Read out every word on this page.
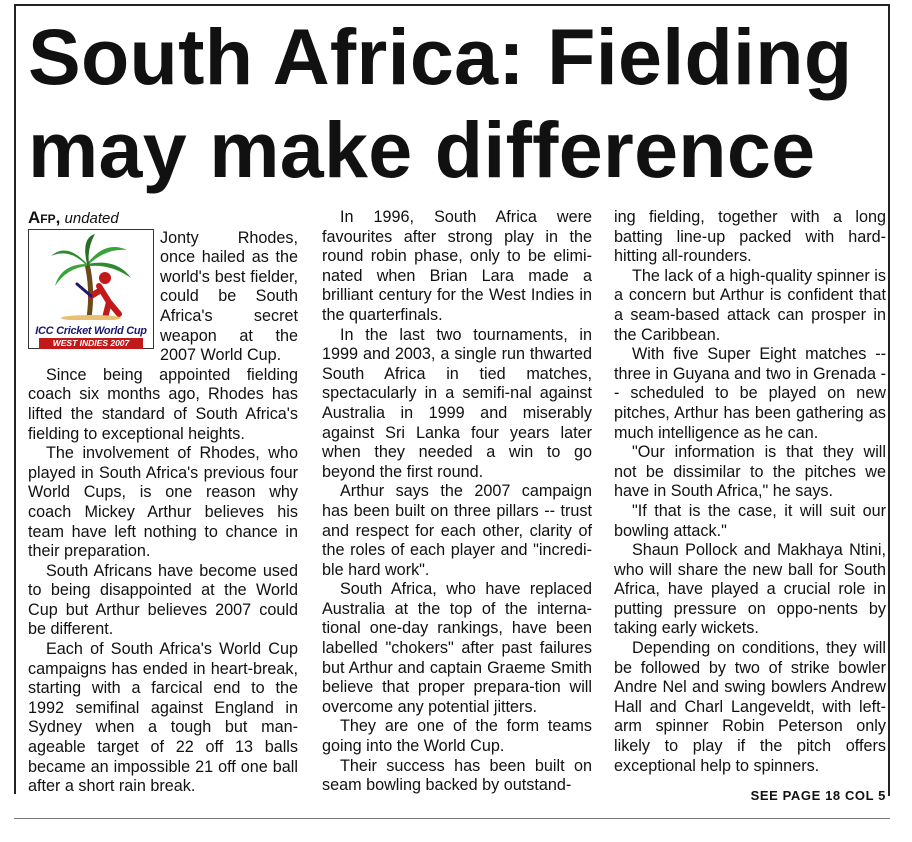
South Africa: Fielding
may make difference

Afp, undated

ICC Cricket World Cup
WEST INDIES 2007

Jonty Rhodes, once hailed as the world's best fielder, could be South Africa's secret weapon at the 2007 World Cup.

Since being appointed fielding coach six months ago, Rhodes has lifted the standard of South Africa's fielding to exceptional heights.

The involvement of Rhodes, who played in South Africa's previous four World Cups, is one reason why coach Mickey Arthur believes his team have left nothing to chance in their preparation.

South Africans have become used to being disappointed at the World Cup but Arthur believes 2007 could be different.

Each of South Africa's World Cup campaigns has ended in heart-break, starting with a farcical end to the 1992 semifinal against England in Sydney when a tough but man-ageable target of 22 off 13 balls became an impossible 21 off one ball after a short rain break.

In 1996, South Africa were favourites after strong play in the round robin phase, only to be elimi-nated when Brian Lara made a brilliant century for the West Indies in the quarterfinals.

In the last two tournaments, in 1999 and 2003, a single run thwarted South Africa in tied matches, spectacularly in a semifi-nal against Australia in 1999 and miserably against Sri Lanka four years later when they needed a win to go beyond the first round.

Arthur says the 2007 campaign has been built on three pillars -- trust and respect for each other, clarity of the roles of each player and "incredi-ble hard work".

South Africa, who have replaced Australia at the top of the interna-tional one-day rankings, have been labelled "chokers" after past failures but Arthur and captain Graeme Smith believe that proper prepara-tion will overcome any potential jitters.

They are one of the form teams going into the World Cup.

Their success has been built on seam bowling backed by outstand-

ing fielding, together with a long batting line-up packed with hard-hitting all-rounders.

The lack of a high-quality spinner is a concern but Arthur is confident that a seam-based attack can prosper in the Caribbean.

With five Super Eight matches -- three in Guyana and two in Grenada -- scheduled to be played on new pitches, Arthur has been gathering as much intelligence as he can.

"Our information is that they will not be dissimilar to the pitches we have in South Africa," he says.

"If that is the case, it will suit our bowling attack."

Shaun Pollock and Makhaya Ntini, who will share the new ball for South Africa, have played a crucial role in putting pressure on oppo-nents by taking early wickets.

Depending on conditions, they will be followed by two of strike bowler Andre Nel and swing bowlers Andrew Hall and Charl Langeveldt, with left-arm spinner Robin Peterson only likely to play if the pitch offers exceptional help to spinners.

SEE PAGE 18 COL 5
